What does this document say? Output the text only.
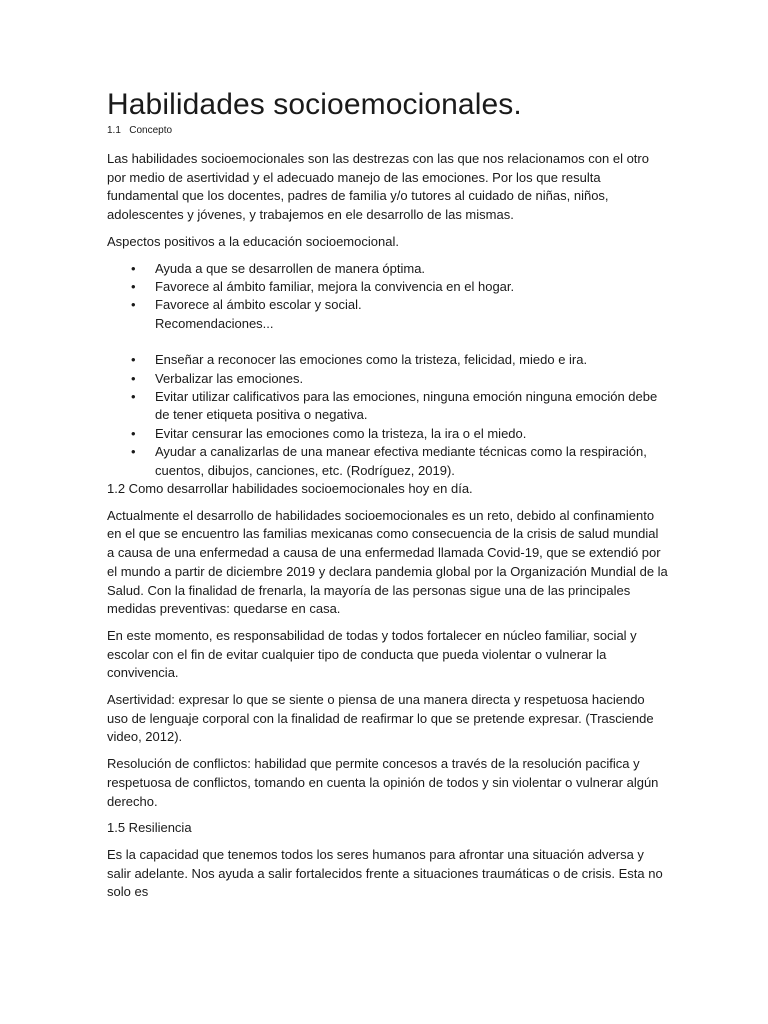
Habilidades socioemocionales.
1.1   Concepto

Las habilidades socioemocionales son las destrezas con las que nos relacionamos con el otro por medio de asertividad y el adecuado manejo de las emociones. Por los que resulta fundamental que los docentes, padres de familia y/o tutores al cuidado de niñas, niños, adolescentes y jóvenes, y trabajemos en ele desarrollo de las mismas.

Aspectos positivos a la educación socioemocional.

• Ayuda a que se desarrollen de manera óptima.
• Favorece al ámbito familiar, mejora la convivencia en el hogar.
• Favorece al ámbito escolar y social.
Recomendaciones...
• Enseñar a reconocer las emociones como la tristeza, felicidad, miedo e ira.
• Verbalizar las emociones.
• Evitar utilizar calificativos para las emociones, ninguna emoción ninguna emoción debe de tener etiqueta positiva o negativa.
• Evitar censurar las emociones como la tristeza, la ira o el miedo.
• Ayudar a canalizarlas de una manear efectiva mediante técnicas como la respiración, cuentos, dibujos, canciones, etc. (Rodríguez, 2019).
1.2 Como desarrollar habilidades socioemocionales hoy en día.

Actualmente el desarrollo de habilidades socioemocionales es un reto, debido al confinamiento en el que se encuentro las familias mexicanas como consecuencia de la crisis de salud mundial a causa de una enfermedad a causa de una enfermedad llamada Covid-19, que se extendió por el mundo a partir de diciembre 2019 y declara pandemia global por la Organización Mundial de la Salud. Con la finalidad de frenarla, la mayoría de las personas sigue una de las principales medidas preventivas: quedarse en casa.

En este momento, es responsabilidad de todas y todos fortalecer en núcleo familiar, social y escolar con el fin de evitar cualquier tipo de conducta que pueda violentar o vulnerar la convivencia.

Asertividad: expresar lo que se siente o piensa de una manera directa y respetuosa haciendo uso de lenguaje corporal con la finalidad de reafirmar lo que se pretende expresar. (Trasciende video, 2012).

Resolución de conflictos: habilidad que permite concesos a través de la resolución pacifica y respetuosa de conflictos, tomando en cuenta la opinión de todos y sin violentar o vulnerar algún derecho.

1.5 Resiliencia

Es la capacidad que tenemos todos los seres humanos para afrontar una situación adversa y salir adelante. Nos ayuda a salir fortalecidos frente a situaciones traumáticas o de crisis. Esta no solo es
